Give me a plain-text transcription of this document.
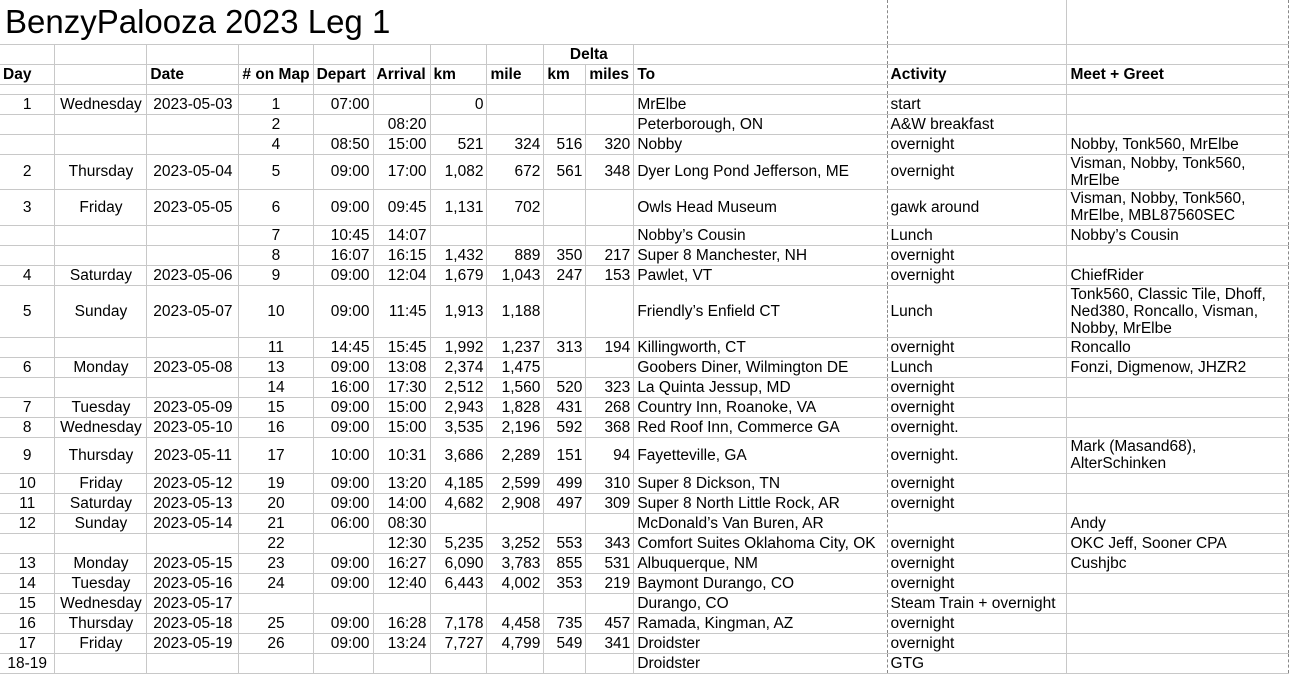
								Delta				
Day		Date	# on Map	Depart	Arrival	km	mile	km	miles	To	Activity	Meet + Greet

1	Wednesday	2023-05-03	1	07:00		0				MrElbe	start	
			2		08:20					Peterborough, ON	A&W breakfast	
			4	08:50	15:00	521	324	516	320	Nobby	overnight	Nobby, Tonk560, MrElbe
2	Thursday	2023-05-04	5	09:00	17:00	1,082	672	561	348	Dyer Long Pond Jefferson, ME	overnight	Visman, Nobby, Tonk560, MrElbe
3	Friday	2023-05-05	6	09:00	09:45	1,131	702			Owls Head Museum	gawk around	Visman, Nobby, Tonk560, MrElbe, MBL87560SEC
			7	10:45	14:07					Nobby’s Cousin	Lunch	Nobby’s Cousin
			8	16:07	16:15	1,432	889	350	217	Super 8 Manchester, NH	overnight	
4	Saturday	2023-05-06	9	09:00	12:04	1,679	1,043	247	153	Pawlet, VT	overnight	ChiefRider
5	Sunday	2023-05-07	10	09:00	11:45	1,913	1,188			Friendly’s Enfield CT	Lunch	Tonk560, Classic Tile, Dhoff, Ned380, Roncallo, Visman, Nobby, MrElbe
			11	14:45	15:45	1,992	1,237	313	194	Killingworth, CT	overnight	Roncallo
6	Monday	2023-05-08	13	09:00	13:08	2,374	1,475			Goobers Diner, Wilmington DE	Lunch	Fonzi, Digmenow, JHZR2
			14	16:00	17:30	2,512	1,560	520	323	La Quinta Jessup, MD	overnight	
7	Tuesday	2023-05-09	15	09:00	15:00	2,943	1,828	431	268	Country Inn, Roanoke, VA	overnight	
8	Wednesday	2023-05-10	16	09:00	15:00	3,535	2,196	592	368	Red Roof Inn, Commerce GA	overnight.	
9	Thursday	2023-05-11	17	10:00	10:31	3,686	2,289	151	94	Fayetteville, GA	overnight.	Mark (Masand68), AlterSchinken
10	Friday	2023-05-12	19	09:00	13:20	4,185	2,599	499	310	Super 8 Dickson, TN	overnight	
11	Saturday	2023-05-13	20	09:00	14:00	4,682	2,908	497	309	Super 8 North Little Rock, AR	overnight	
12	Sunday	2023-05-14	21	06:00	08:30					McDonald’s Van Buren, AR		Andy
			22		12:30	5,235	3,252	553	343	Comfort Suites Oklahoma City, OK	overnight	OKC Jeff, Sooner CPA
13	Monday	2023-05-15	23	09:00	16:27	6,090	3,783	855	531	Albuquerque, NM	overnight	Cushjbc
14	Tuesday	2023-05-16	24	09:00	12:40	6,443	4,002	353	219	Baymont Durango, CO	overnight	
15	Wednesday	2023-05-17								Durango, CO	Steam Train + overnight	
16	Thursday	2023-05-18	25	09:00	16:28	7,178	4,458	735	457	Ramada, Kingman, AZ	overnight	
17	Friday	2023-05-19	26	09:00	13:24	7,727	4,799	549	341	Droidster	overnight	
18-19										Droidster	GTG	
BenzyPalooza 2023 Leg 1
